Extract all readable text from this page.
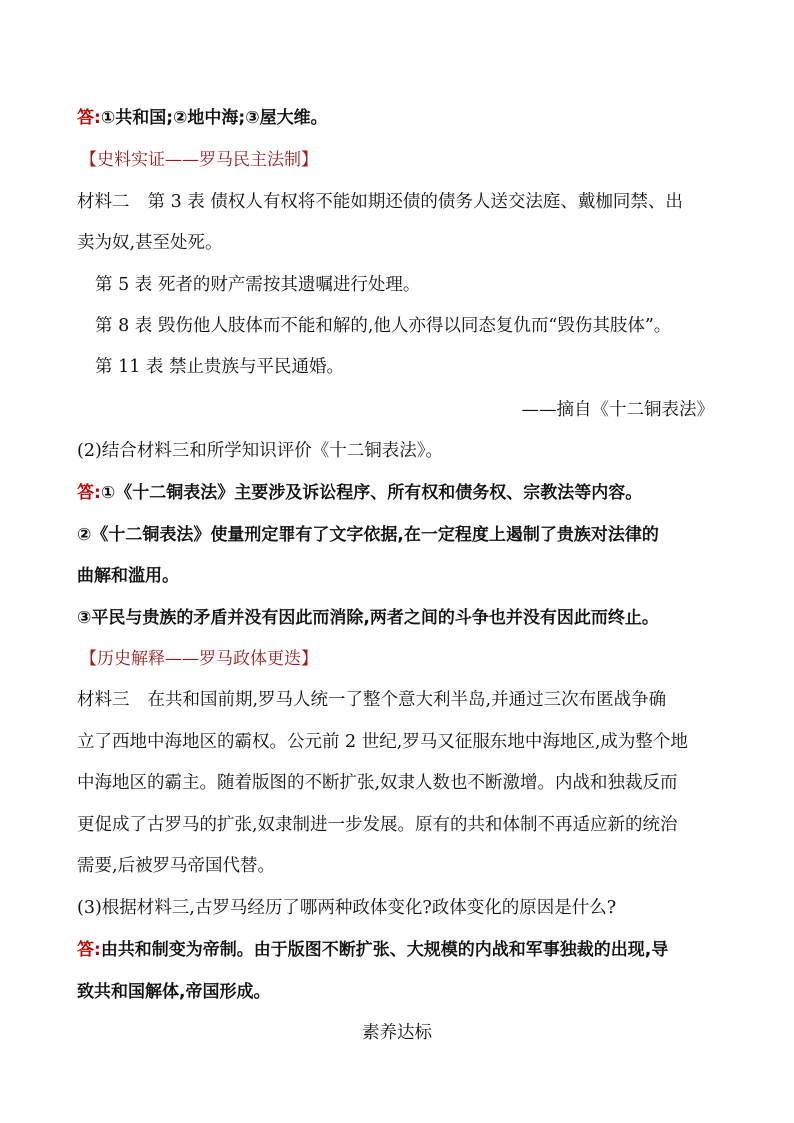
答:①共和国;②地中海;③屋大维。
【史料实证——罗马民主法制】
材料二 第 3 表 债权人有权将不能如期还债的债务人送交法庭、戴枷同禁、出
卖为奴,甚至处死。
第 5 表 死者的财产需按其遗嘱进行处理。
第 8 表 毁伤他人肢体而不能和解的,他人亦得以同态复仇而“毁伤其肢体”。
第 11 表 禁止贵族与平民通婚。
——摘自《十二铜表法》
(2)结合材料三和所学知识评价《十二铜表法》。
答:①《十二铜表法》主要涉及诉讼程序、所有权和债务权、宗教法等内容。
②《十二铜表法》使量刑定罪有了文字依据,在一定程度上遏制了贵族对法律的
曲解和滥用。
③平民与贵族的矛盾并没有因此而消除,两者之间的斗争也并没有因此而终止。
【历史解释——罗马政体更迭】
材料三 在共和国前期,罗马人统一了整个意大利半岛,并通过三次布匿战争确
立了西地中海地区的霸权。公元前 2 世纪,罗马又征服东地中海地区,成为整个地
中海地区的霸主。随着版图的不断扩张,奴隶人数也不断激增。内战和独裁反而
更促成了古罗马的扩张,奴隶制进一步发展。原有的共和体制不再适应新的统治
需要,后被罗马帝国代替。
(3)根据材料三,古罗马经历了哪两种政体变化?政体变化的原因是什么?
答:由共和制变为帝制。由于版图不断扩张、大规模的内战和军事独裁的出现,导
致共和国解体,帝国形成。
素养达标
